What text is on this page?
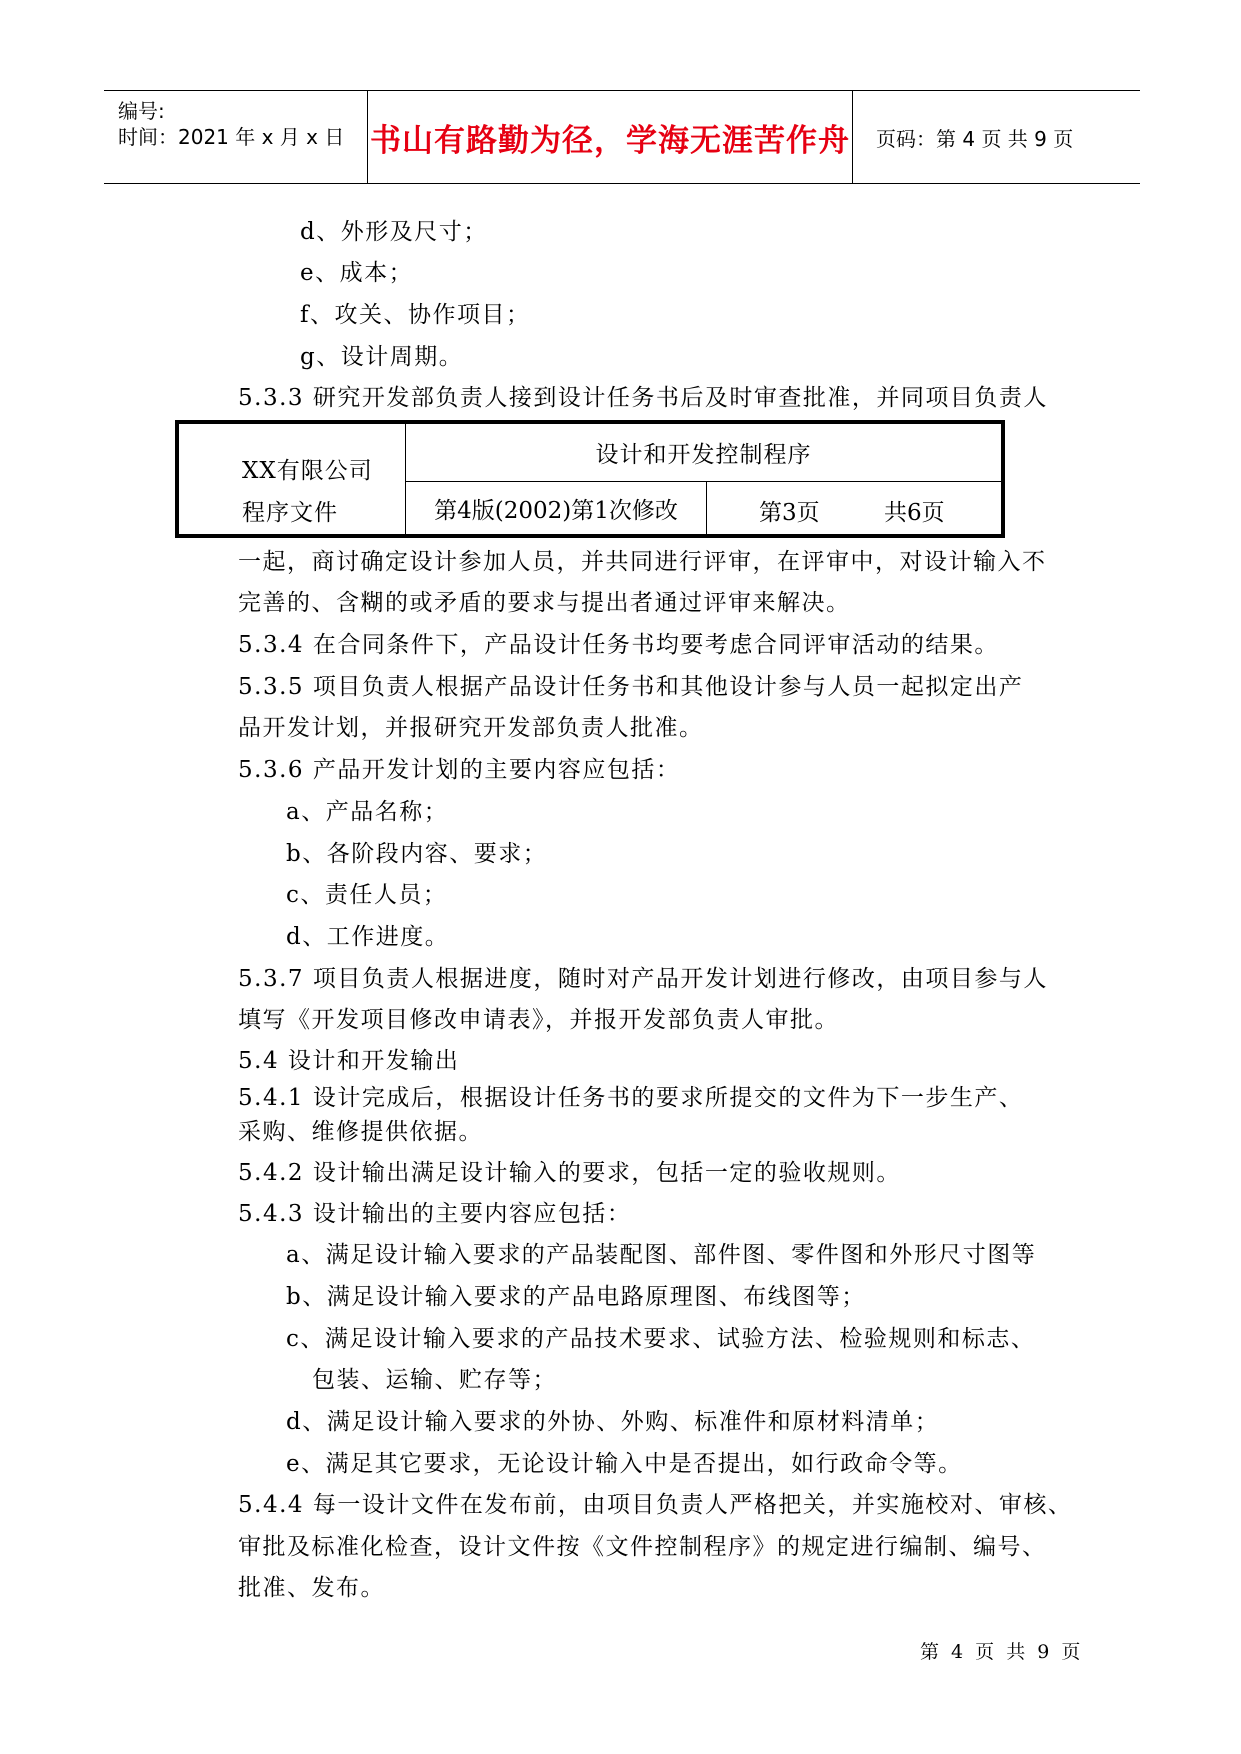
编号:
时间：2021 年 x 月 x 日 书山有路勤为径，学海无涯苦作舟	页码：第 4 页 共 9 页
d、外形及尺寸；
e、成本；
f、攻关、协作项目；
g、设计周期。
5.3.3 研究开发部负责人接到设计任务书后及时审查批准，并同项目负责人
XX有限公司
程序文件
设计和开发控制程序
第4版(2002)第1次修改	第3页	共6页
一起，商讨确定设计参加人员，并共同进行评审，在评审中，对设计输入不
完善的、含糊的或矛盾的要求与提出者通过评审来解决。
5.3.4 在合同条件下，产品设计任务书均要考虑合同评审活动的结果。
5.3.5 项目负责人根据产品设计任务书和其他设计参与人员一起拟定出产
品开发计划，并报研究开发部负责人批准。
5.3.6 产品开发计划的主要内容应包括：
a、产品名称；
b、各阶段内容、要求；
c、责任人员；
d、工作进度。
5.3.7 项目负责人根据进度，随时对产品开发计划进行修改，由项目参与人
填写《开发项目修改申请表》，并报开发部负责人审批。
5.4 设计和开发输出
5.4.1 设计完成后，根据设计任务书的要求所提交的文件为下一步生产、
采购、维修提供依据。
5.4.2 设计输出满足设计输入的要求，包括一定的验收规则。
5.4.3 设计输出的主要内容应包括：
a、满足设计输入要求的产品装配图、部件图、零件图和外形尺寸图等
b、满足设计输入要求的产品电路原理图、布线图等；
c、满足设计输入要求的产品技术要求、试验方法、检验规则和标志、
包装、运输、贮存等；
d、满足设计输入要求的外协、外购、标准件和原材料清单；
e、满足其它要求，无论设计输入中是否提出，如行政命令等。
5.4.4 每一设计文件在发布前，由项目负责人严格把关，并实施校对、审核、
审批及标准化检查，设计文件按《文件控制程序》的规定进行编制、编号、
批准、发布。
第 4 页 共 9 页
